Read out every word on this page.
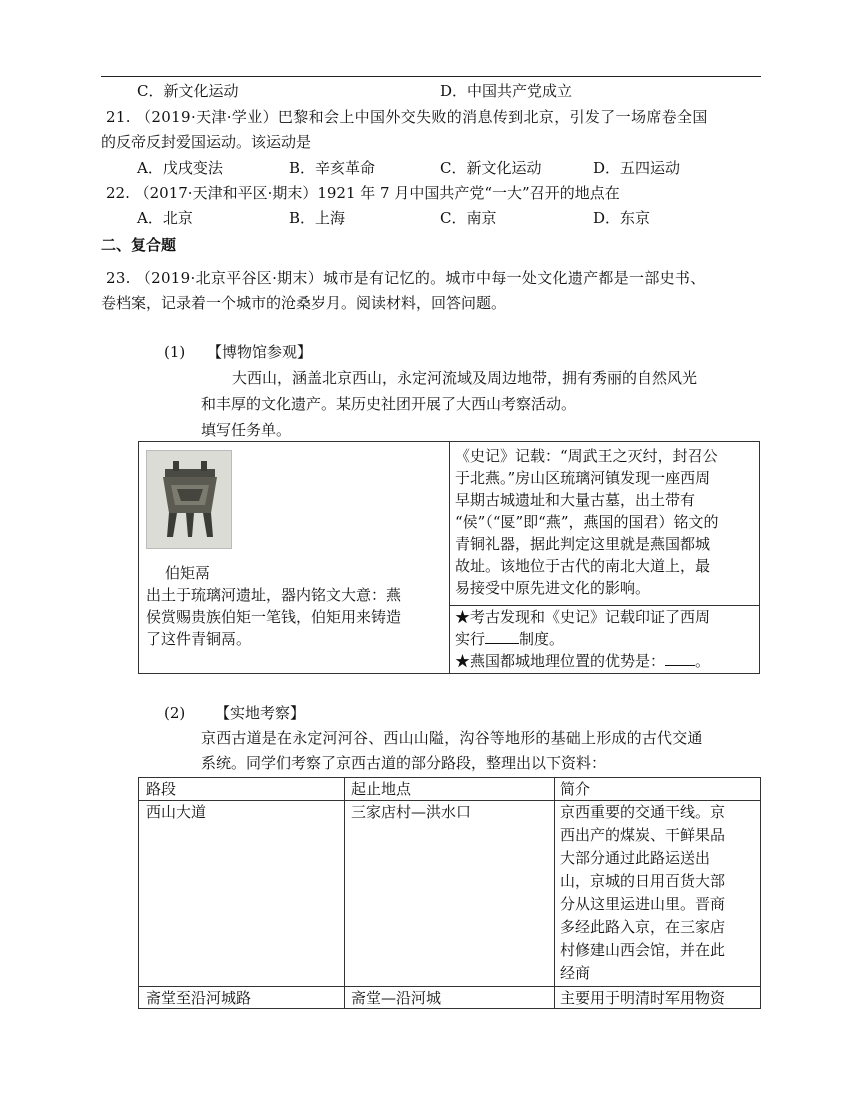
C．新文化运动	D．中国共产党成立
21. （2019·天津·学业）巴黎和会上中国外交失败的消息传到北京，引发了一场席卷全国
的反帝反封爱国运动。该运动是
A．戊戌变法	B．辛亥革命	C．新文化运动	D．五四运动
22. （2017·天津和平区·期末）1921 年 7 月中国共产党“一大”召开的地点在
A．北京	B．上海	C．南京	D．东京
二、复合题
23. （2019·北京平谷区·期末）城市是有记忆的。城市中每一处文化遗产都是一部史书、
卷档案，记录着一个城市的沧桑岁月。阅读材料，回答问题。
(1) 【博物馆参观】
大西山，涵盖北京西山，永定河流域及周边地带，拥有秀丽的自然风光
和丰厚的文化遗产。某历史社团开展了大西山考察活动。
填写任务单。
伯矩鬲
出土于琉璃河遗址，器内铭文大意：燕
侯赏赐贵族伯矩一笔钱，伯矩用来铸造
了这件青铜鬲。
《史记》记载：“周武王之灭纣，封召公
于北燕。”房山区琉璃河镇发现一座西周
早期古城遗址和大量古墓，出土带有
“侯”（“匽”即“燕”，燕国的国君）铭文的
青铜礼器，据此判定这里就是燕国都城
故址。该地位于古代的南北大道上，最
易接受中原先进文化的影响。
★考古发现和《史记》记载印证了西周
实行 制度。
★燕国都城地理位置的优势是： 。
(2) 【实地考察】
京西古道是在永定河河谷、西山山隘，沟谷等地形的基础上形成的古代交通
系统。同学们考察了京西古道的部分路段，整理出以下资料：
路段	起止地点	简介
西山大道	三家店村—洪水口	京西重要的交通干线。京
西出产的煤炭、干鲜果品
大部分通过此路运送出
山，京城的日用百货大部
分从这里运进山里。晋商
多经此路入京，在三家店
村修建山西会馆，并在此
经商
斋堂至沿河城路	斋堂—沿河城	主要用于明清时军用物资
